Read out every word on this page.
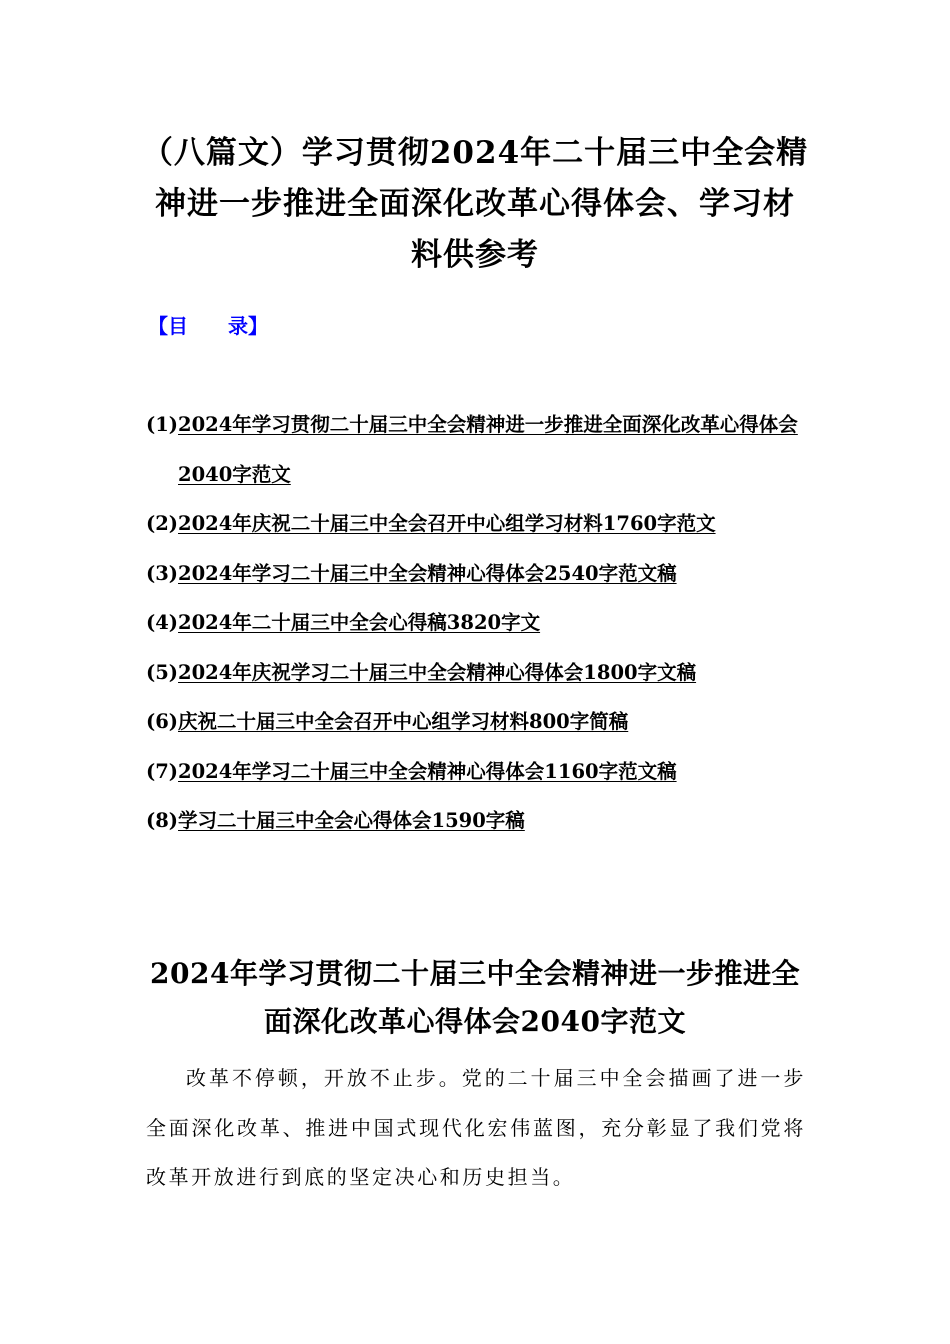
（八篇文）学习贯彻2024年二十届三中全会精神进一步推进全面深化改革心得体会、学习材料供参考
【目　　录】
(1)2024年学习贯彻二十届三中全会精神进一步推进全面深化改革心得体会2040字范文
(2)2024年庆祝二十届三中全会召开中心组学习材料1760字范文
(3)2024年学习二十届三中全会精神心得体会2540字范文稿
(4)2024年二十届三中全会心得稿3820字文
(5)2024年庆祝学习二十届三中全会精神心得体会1800字文稿
(6)庆祝二十届三中全会召开中心组学习材料800字简稿
(7)2024年学习二十届三中全会精神心得体会1160字范文稿
(8)学习二十届三中全会心得体会1590字稿
2024年学习贯彻二十届三中全会精神进一步推进全面深化改革心得体会2040字范文

改革不停顿，开放不止步。党的二十届三中全会描画了进一步全面深化改革、推进中国式现代化宏伟蓝图，充分彰显了我们党将改革开放进行到底的坚定决心和历史担当。
